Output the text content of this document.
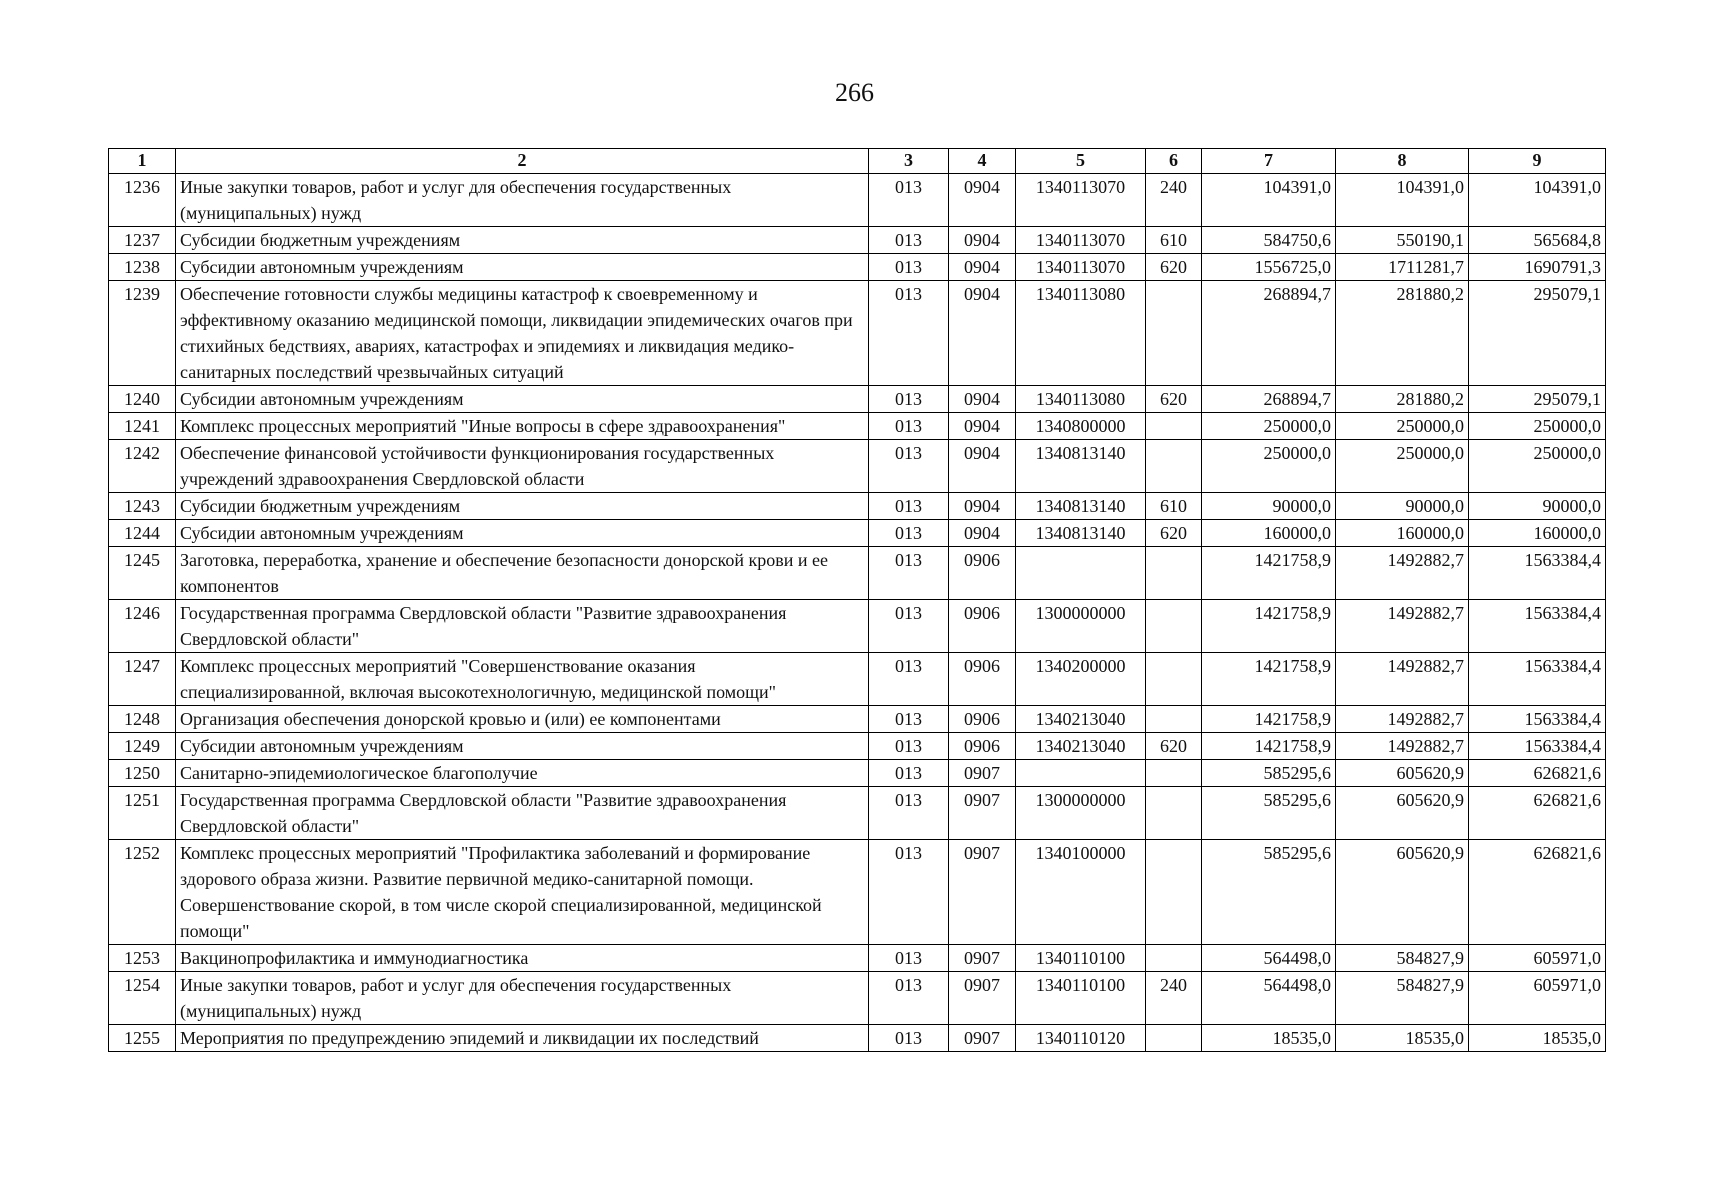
266
1	2	3	4	5	6	7	8	9
1236	Иные закупки товаров, работ и услуг для обеспечения государственных (муниципальных) нужд	013	0904	1340113070	240	104391,0	104391,0	104391,0
1237	Субсидии бюджетным учреждениям	013	0904	1340113070	610	584750,6	550190,1	565684,8
1238	Субсидии автономным учреждениям	013	0904	1340113070	620	1556725,0	1711281,7	1690791,3
1239	Обеспечение готовности службы медицины катастроф к своевременному и эффективному оказанию медицинской помощи, ликвидации эпидемических очагов при стихийных бедствиях, авариях, катастрофах и эпидемиях и ликвидация медико-санитарных последствий чрезвычайных ситуаций	013	0904	1340113080		268894,7	281880,2	295079,1
1240	Субсидии автономным учреждениям	013	0904	1340113080	620	268894,7	281880,2	295079,1
1241	Комплекс процессных мероприятий "Иные вопросы в сфере здравоохранения"	013	0904	1340800000		250000,0	250000,0	250000,0
1242	Обеспечение финансовой устойчивости функционирования государственных учреждений здравоохранения Свердловской области	013	0904	1340813140		250000,0	250000,0	250000,0
1243	Субсидии бюджетным учреждениям	013	0904	1340813140	610	90000,0	90000,0	90000,0
1244	Субсидии автономным учреждениям	013	0904	1340813140	620	160000,0	160000,0	160000,0
1245	Заготовка, переработка, хранение и обеспечение безопасности донорской крови и ее компонентов	013	0906			1421758,9	1492882,7	1563384,4
1246	Государственная программа Свердловской области "Развитие здравоохранения Свердловской области"	013	0906	1300000000		1421758,9	1492882,7	1563384,4
1247	Комплекс процессных мероприятий "Совершенствование оказания специализированной, включая высокотехнологичную, медицинской помощи"	013	0906	1340200000		1421758,9	1492882,7	1563384,4
1248	Организация обеспечения донорской кровью и (или) ее компонентами	013	0906	1340213040		1421758,9	1492882,7	1563384,4
1249	Субсидии автономным учреждениям	013	0906	1340213040	620	1421758,9	1492882,7	1563384,4
1250	Санитарно-эпидемиологическое благополучие	013	0907			585295,6	605620,9	626821,6
1251	Государственная программа Свердловской области "Развитие здравоохранения Свердловской области"	013	0907	1300000000		585295,6	605620,9	626821,6
1252	Комплекс процессных мероприятий "Профилактика заболеваний и формирование здорового образа жизни. Развитие первичной медико-санитарной помощи. Совершенствование скорой, в том числе скорой специализированной, медицинской помощи"	013	0907	1340100000		585295,6	605620,9	626821,6
1253	Вакцинопрофилактика и иммунодиагностика	013	0907	1340110100		564498,0	584827,9	605971,0
1254	Иные закупки товаров, работ и услуг для обеспечения государственных (муниципальных) нужд	013	0907	1340110100	240	564498,0	584827,9	605971,0
1255	Мероприятия по предупреждению эпидемий и ликвидации их последствий	013	0907	1340110120		18535,0	18535,0	18535,0
